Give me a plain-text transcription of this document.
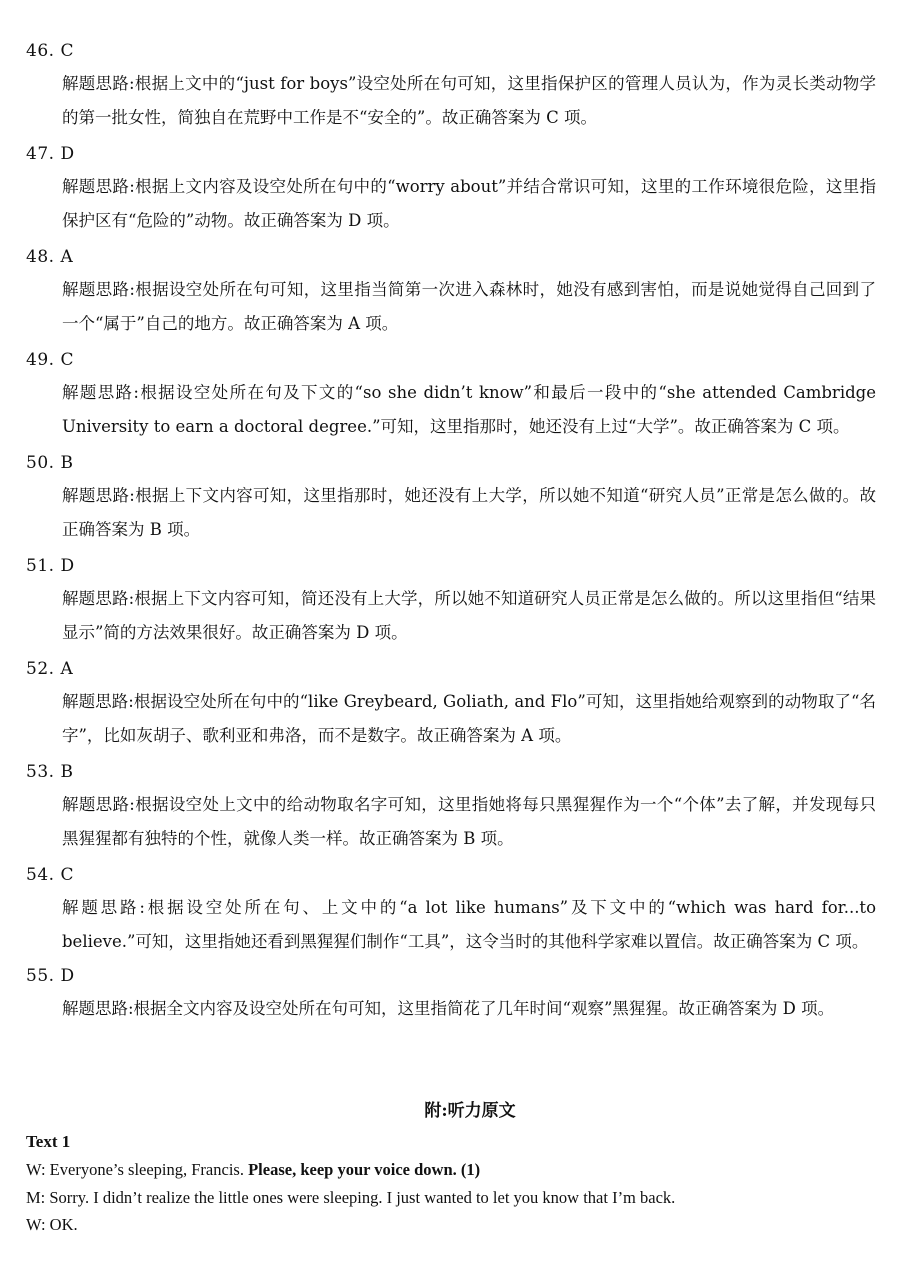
46. C
解题思路:根据上文中的“just for boys”设空处所在句可知，这里指保护区的管理人员认为，作为灵长类动物学的第一批女性，简独自在荒野中工作是不“安全的”。故正确答案为 C 项。
47. D
解题思路:根据上文内容及设空处所在句中的“worry about”并结合常识可知，这里的工作环境很危险，这里指保护区有“危险的”动物。故正确答案为 D 项。
48. A
解题思路:根据设空处所在句可知，这里指当简第一次进入森林时，她没有感到害怕，而是说她觉得自己回到了一个“属于”自己的地方。故正确答案为 A 项。
49. C
解题思路:根据设空处所在句及下文的“so she didn’t know”和最后一段中的“she attended Cambridge University to earn a doctoral degree.”可知，这里指那时，她还没有上过“大学”。故正确答案为 C 项。
50. B
解题思路:根据上下文内容可知，这里指那时，她还没有上大学，所以她不知道“研究人员”正常是怎么做的。故正确答案为 B 项。
51. D
解题思路:根据上下文内容可知，简还没有上大学，所以她不知道研究人员正常是怎么做的。所以这里指但“结果显示”简的方法效果很好。故正确答案为 D 项。
52. A
解题思路:根据设空处所在句中的“like Greybeard, Goliath, and Flo”可知，这里指她给观察到的动物取了“名字”，比如灰胡子、歌利亚和弗洛，而不是数字。故正确答案为 A 项。
53. B
解题思路:根据设空处上文中的给动物取名字可知，这里指她将每只黑猩猩作为一个“个体”去了解，并发现每只黑猩猩都有独特的个性，就像人类一样。故正确答案为 B 项。
54. C
解题思路:根据设空处所在句、上文中的“a lot like humans”及下文中的“which was hard for...to believe.”可知，这里指她还看到黑猩猩们制作“工具”，这令当时的其他科学家难以置信。故正确答案为 C 项。
55. D
解题思路:根据全文内容及设空处所在句可知，这里指简花了几年时间“观察”黑猩猩。故正确答案为 D 项。
附:听力原文
Text 1
W: Everyone’s sleeping, Francis. Please, keep your voice down. (1)
M: Sorry. I didn’t realize the little ones were sleeping. I just wanted to let you know that I’m back.
W: OK.
